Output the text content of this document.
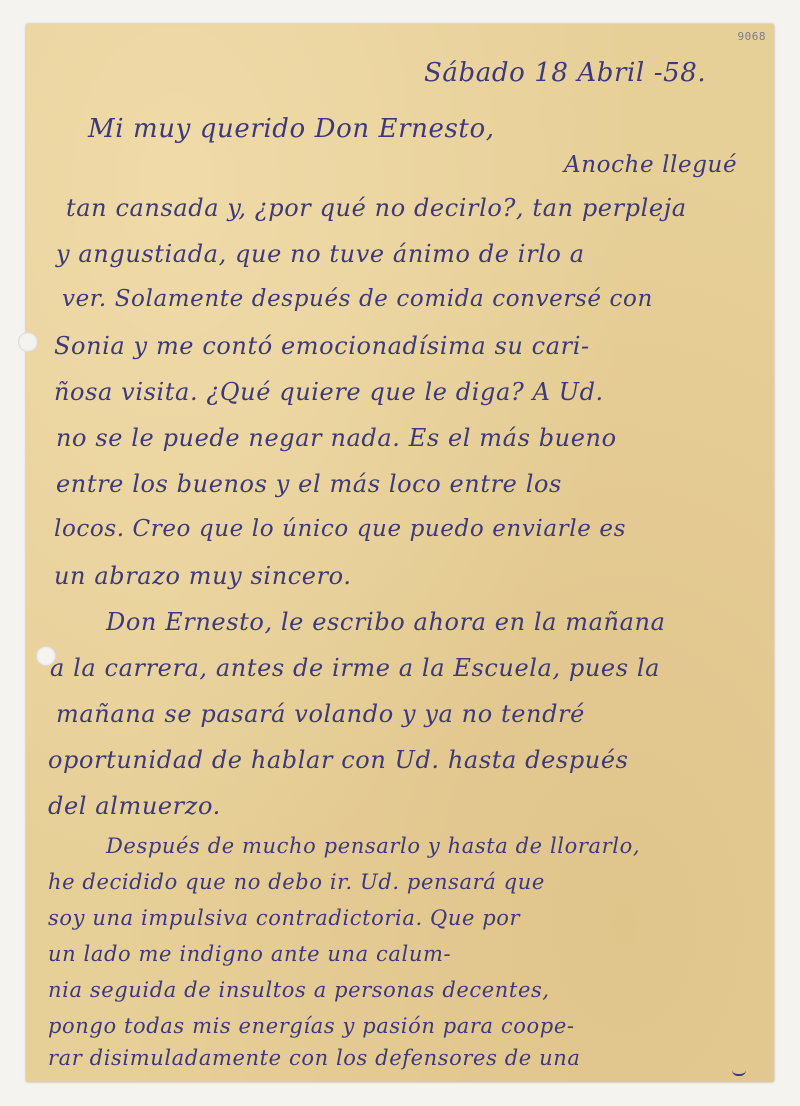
9068
Sábado 18 Abril -58.
Mi muy querido Don Ernesto,
Anoche llegué
tan cansada y, ¿por qué no decirlo?, tan perpleja
y angustiada, que no tuve ánimo de irlo a
ver. Solamente después de comida conversé con
Sonia y me contó emocionadísima su cari-
ñosa visita. ¿Qué quiere que le diga? A Ud.
no se le puede negar nada. Es el más bueno
entre los buenos y el más loco entre los
locos. Creo que lo único que puedo enviarle es
un abrazo muy sincero.
Don Ernesto, le escribo ahora en la mañana
a la carrera, antes de irme a la Escuela, pues la
mañana se pasará volando y ya no tendré
oportunidad de hablar con Ud. hasta después
del almuerzo.
Después de mucho pensarlo y hasta de llorarlo,
he decidido que no debo ir. Ud. pensará que
soy una impulsiva contradictoria. Que por
un lado me indigno ante una calum-
nia seguida de insultos a personas decentes,
pongo todas mis energías y pasión para coope-
rar disimuladamente con los defensores de una
